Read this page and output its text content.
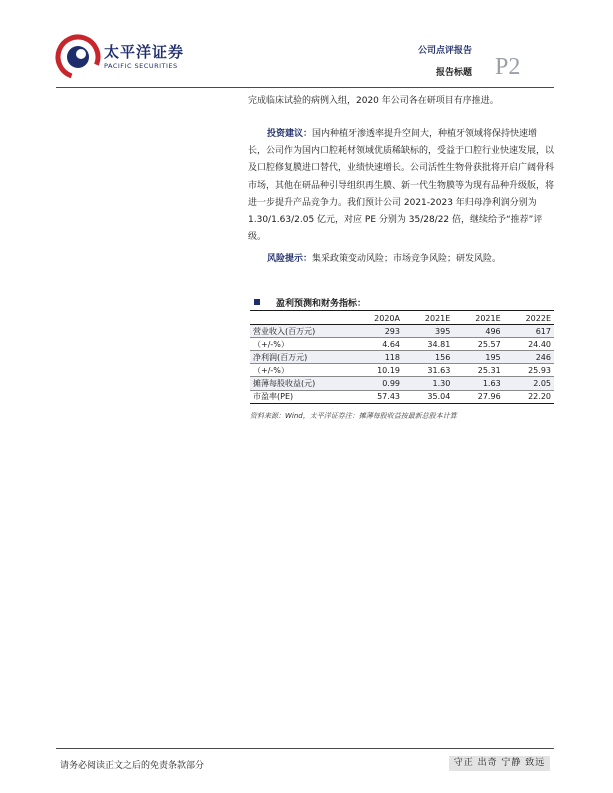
太平洋证券
PACIFIC SECURITIES
公司点评报告
报告标题 P2
完成临床试验的病例入组，2020 年公司各在研项目有序推进。
投资建议：国内种植牙渗透率提升空间大，种植牙领域将保持快速增长，公司作为国内口腔耗材领域优质稀缺标的，受益于口腔行业快速发展，以及口腔修复膜进口替代，业绩快速增长。公司活性生物骨获批将开启广阔骨科市场，其他在研品种引导组织再生膜、新一代生物膜等为现有品种升级版，将进一步提升产品竞争力。我们预计公司 2021-2023 年归母净利润分别为 1.30/1.63/2.05 亿元，对应 PE 分别为 35/28/22 倍，继续给予“推荐”评级。
风险提示：集采政策变动风险；市场竞争风险；研发风险。
盈利预测和财务指标：
	2020A	2021E	2021E	2022E
营业收入(百万元)	293	395	496	617
（+/-%）	4.64	34.81	25.57	24.40
净利润(百万元)	118	156	195	246
（+/-%）	10.19	31.63	25.31	25.93
摊薄每股收益(元)	0.99	1.30	1.63	2.05
市盈率(PE)	57.43	35.04	27.96	22.20
资料来源：Wind，太平洋证券注：摊薄每股收益按最新总股本计算
请务必阅读正文之后的免责条款部分	守正 出奇 宁静 致远
